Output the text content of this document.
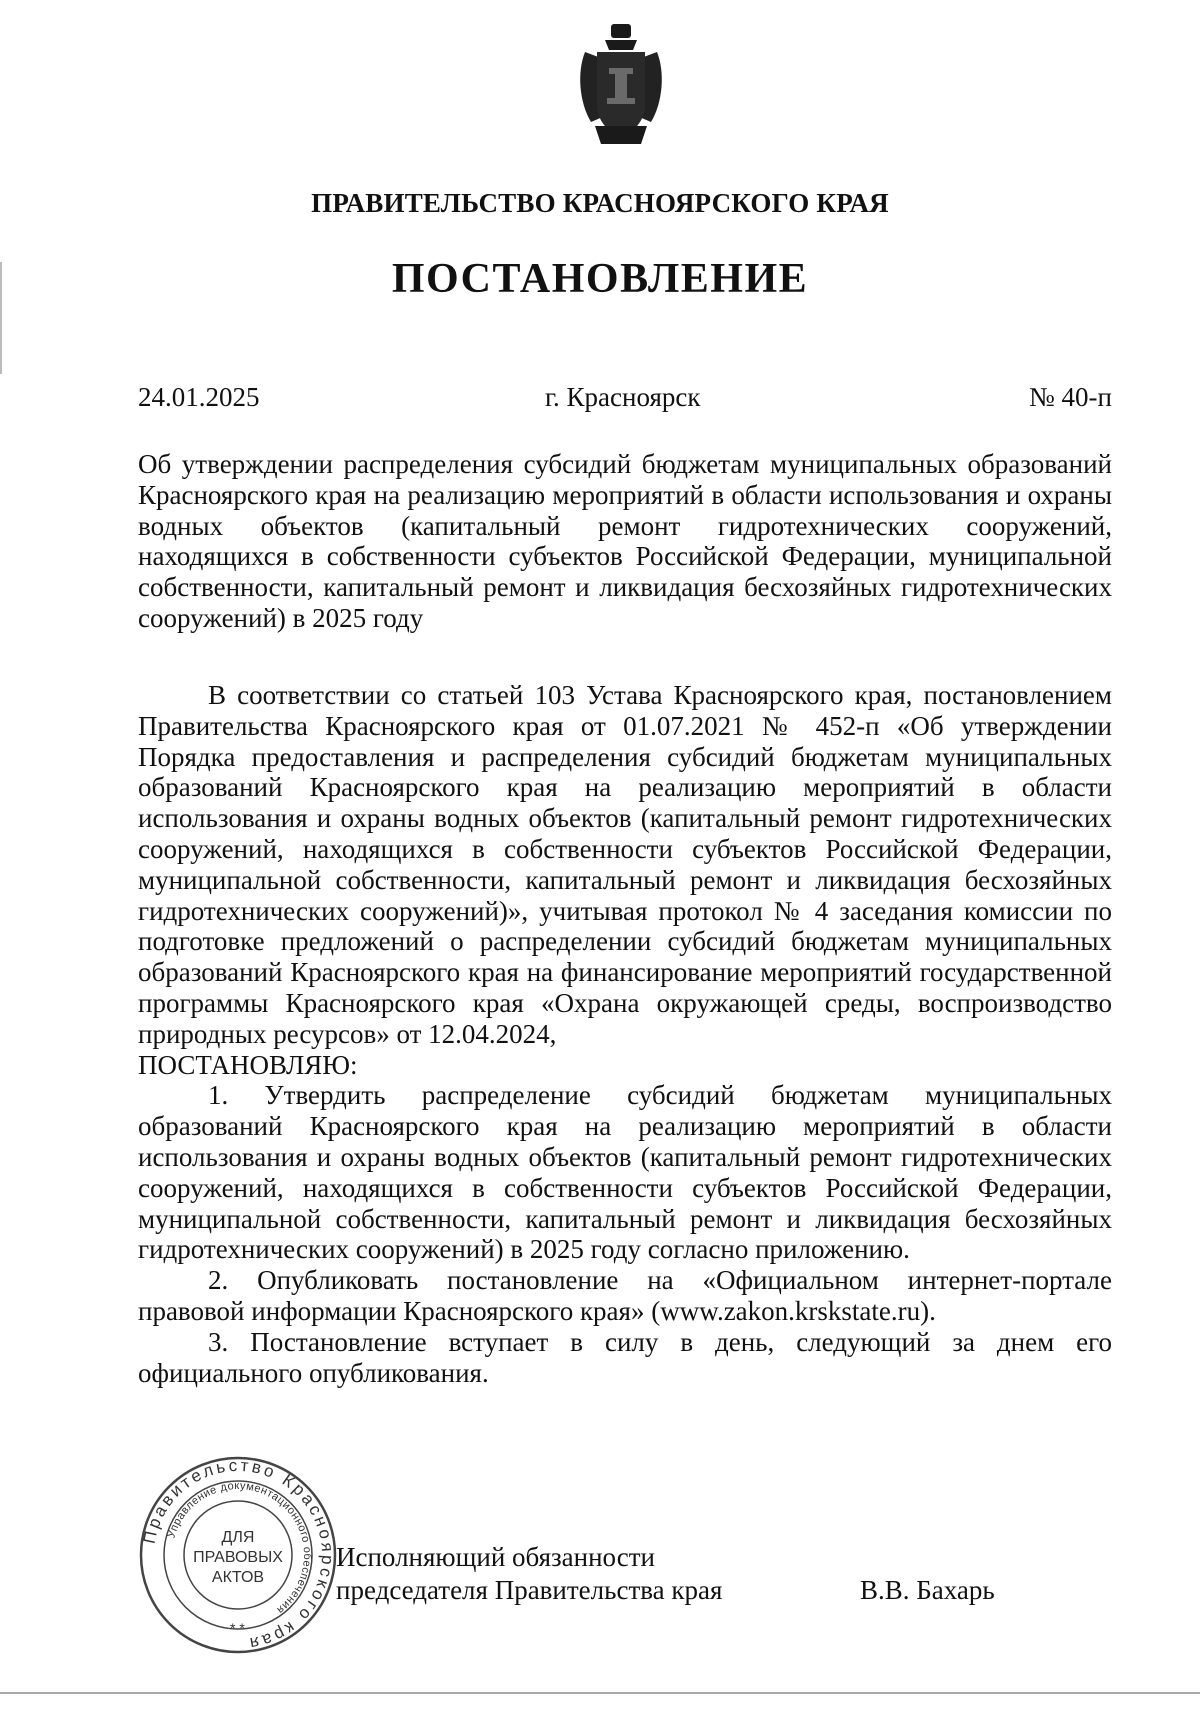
ПРАВИТЕЛЬСТВО КРАСНОЯРСКОГО КРАЯ
ПОСТАНОВЛЕНИЕ
24.01.2025	г. Красноярск	№ 40-п
Об утверждении распределения субсидий бюджетам муниципальных образований Красноярского края на реализацию мероприятий в области использования и охраны водных объектов (капитальный ремонт гидротехнических сооружений, находящихся в собственности субъектов Российской Федерации, муниципальной собственности, капитальный ремонт и ликвидация бесхозяйных гидротехнических сооружений) в 2025 году

В соответствии со статьей 103 Устава Красноярского края, постановлением Правительства Красноярского края от 01.07.2021 № 452-п «Об утверждении Порядка предоставления и распределения субсидий бюджетам муниципальных образований Красноярского края на реализацию мероприятий в области использования и охраны водных объектов (капитальный ремонт гидротехнических сооружений, находящихся в собственности субъектов Российской Федерации, муниципальной собственности, капитальный ремонт и ликвидация бесхозяйных гидротехнических сооружений)», учитывая протокол № 4 заседания комиссии по подготовке предложений о распределении субсидий бюджетам муниципальных образований Красноярского края на финансирование мероприятий государственной программы Красноярского края «Охрана окружающей среды, воспроизводство природных ресурсов» от 12.04.2024,

ПОСТАНОВЛЯЮ:

1. Утвердить распределение субсидий бюджетам муниципальных образований Красноярского края на реализацию мероприятий в области использования и охраны водных объектов (капитальный ремонт гидротехнических сооружений, находящихся в собственности субъектов Российской Федерации, муниципальной собственности, капитальный ремонт и ликвидация бесхозяйных гидротехнических сооружений) в 2025 году согласно приложению.

2. Опубликовать постановление на «Официальном интернет-портале правовой информации Красноярского края» (www.zakon.krskstate.ru).

3. Постановление вступает в силу в день, следующий за днем его официального опубликования.

Правительство Красноярского края
Управление документационного обеспечения
* *
ДЛЯ
ПРАВОВЫХ
АКТОВ
Исполняющий обязанности
председателя Правительства края	В.В. Бахарь
